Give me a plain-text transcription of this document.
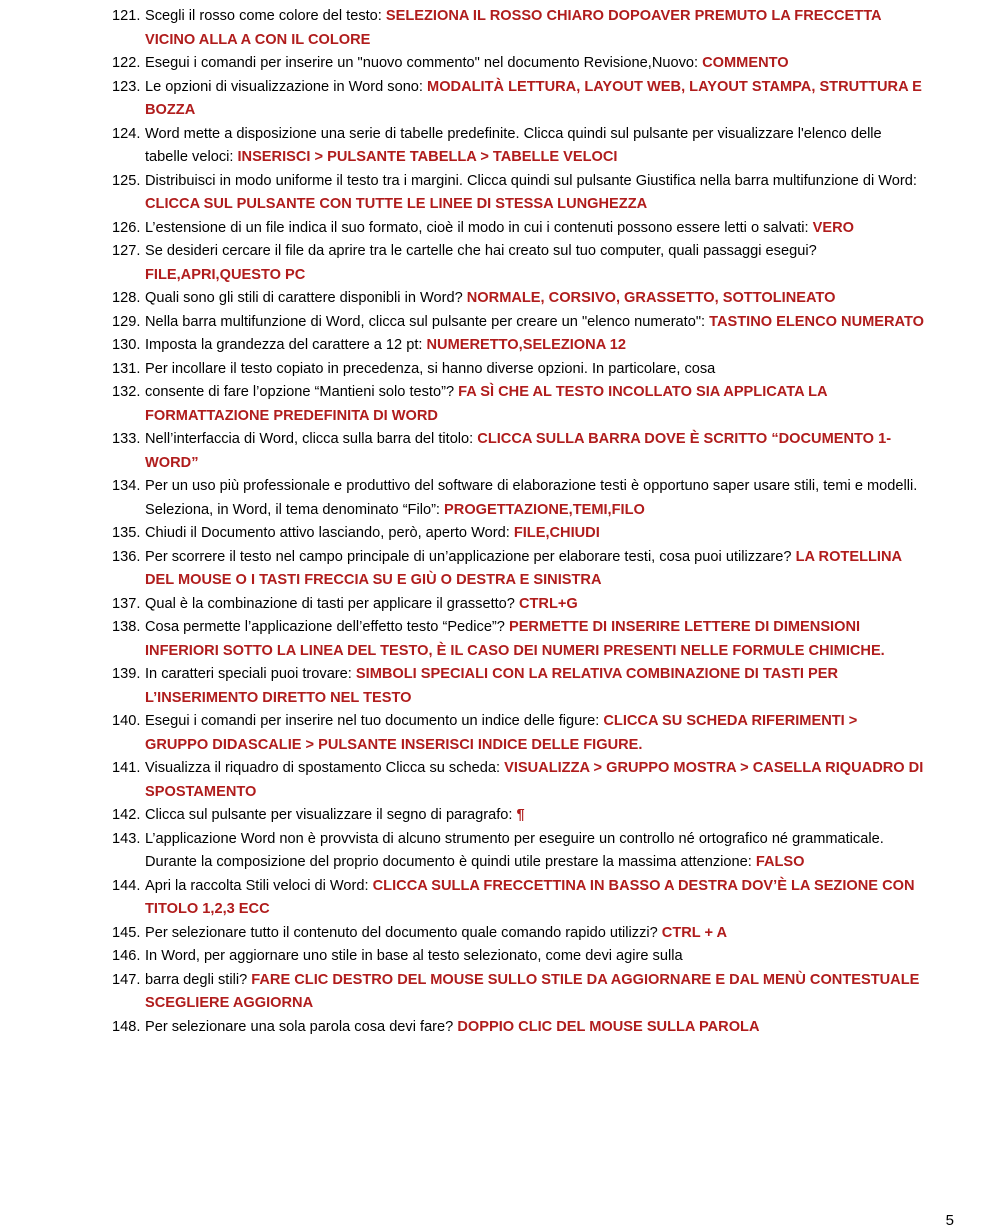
121. Scegli il rosso come colore del testo: SELEZIONA IL ROSSO CHIARO DOPOAVER PREMUTO LA FRECCETTA VICINO ALLA A CON IL COLORE
122. Esegui i comandi per inserire un "nuovo commento" nel documento Revisione,Nuovo: COMMENTO
123. Le opzioni di visualizzazione in Word sono: MODALITÀ LETTURA, LAYOUT WEB, LAYOUT STAMPA, STRUTTURA E BOZZA
124. Word mette a disposizione una serie di tabelle predefinite. Clicca quindi sul pulsante per visualizzare l'elenco delle tabelle veloci: INSERISCI > PULSANTE TABELLA > TABELLE VELOCI
125. Distribuisci in modo uniforme il testo tra i margini. Clicca quindi sul pulsante Giustifica nella barra multifunzione di Word: CLICCA SUL PULSANTE CON TUTTE LE LINEE DI STESSA LUNGHEZZA
126. L’estensione di un file indica il suo formato, cioè il modo in cui i contenuti possono essere letti o salvati: VERO
127. Se desideri cercare il file da aprire tra le cartelle che hai creato sul tuo computer, quali passaggi esegui? FILE,APRI,QUESTO PC
128. Quali sono gli stili di carattere disponibli in Word? NORMALE, CORSIVO, GRASSETTO, SOTTOLINEATO
129. Nella barra multifunzione di Word, clicca sul pulsante per creare un "elenco numerato": TASTINO ELENCO NUMERATO
130. Imposta la grandezza del carattere a 12 pt: NUMERETTO,SELEZIONA 12
131. Per incollare il testo copiato in precedenza, si hanno diverse opzioni. In particolare, cosa
132. consente di fare l’opzione “Mantieni solo testo”? FA SÌ CHE AL TESTO INCOLLATO SIA APPLICATA LA FORMATTAZIONE PREDEFINITA DI WORD
133. Nell’interfaccia di Word, clicca sulla barra del titolo: CLICCA SULLA BARRA DOVE È SCRITTO “DOCUMENTO 1-WORD”
134. Per un uso più professionale e produttivo del software di elaborazione testi è opportuno saper usare stili, temi e modelli. Seleziona, in Word, il tema denominato “Filo”: PROGETTAZIONE,TEMI,FILO
135. Chiudi il Documento attivo lasciando, però, aperto Word: FILE,CHIUDI
136. Per scorrere il testo nel campo principale di un’applicazione per elaborare testi, cosa puoi utilizzare? LA ROTELLINA DEL MOUSE O I TASTI FRECCIA SU E GIÙ O DESTRA E SINISTRA
137. Qual è la combinazione di tasti per applicare il grassetto? CTRL+G
138. Cosa permette l’applicazione dell’effetto testo “Pedice”? PERMETTE DI INSERIRE LETTERE DI DIMENSIONI INFERIORI SOTTO LA LINEA DEL TESTO, È IL CASO DEI NUMERI PRESENTI NELLE FORMULE CHIMICHE.
139. In caratteri speciali puoi trovare: SIMBOLI SPECIALI CON LA RELATIVA COMBINAZIONE DI TASTI PER L’INSERIMENTO DIRETTO NEL TESTO
140. Esegui i comandi per inserire nel tuo documento un indice delle figure: CLICCA SU SCHEDA RIFERIMENTI > GRUPPO DIDASCALIE > PULSANTE INSERISCI INDICE DELLE FIGURE.
141. Visualizza il riquadro di spostamento Clicca su scheda: VISUALIZZA > GRUPPO MOSTRA > CASELLA RIQUADRO DI SPOSTAMENTO
142. Clicca sul pulsante per visualizzare il segno di paragrafo: ¶
143. L’applicazione Word non è provvista di alcuno strumento per eseguire un controllo né ortografico né grammaticale. Durante la composizione del proprio documento è quindi utile prestare la massima attenzione: FALSO
144. Apri la raccolta Stili veloci di Word: CLICCA SULLA FRECCETTINA IN BASSO A DESTRA DOV’È LA SEZIONE CON TITOLO 1,2,3 ECC
145. Per selezionare tutto il contenuto del documento quale comando rapido utilizzi? CTRL + A
146. In Word, per aggiornare uno stile in base al testo selezionato, come devi agire sulla
147. barra degli stili? FARE CLIC DESTRO DEL MOUSE SULLO STILE DA AGGIORNARE E DAL MENÙ CONTESTUALE SCEGLIERE AGGIORNA
148. Per selezionare una sola parola cosa devi fare? DOPPIO CLIC DEL MOUSE SULLA PAROLA
5
